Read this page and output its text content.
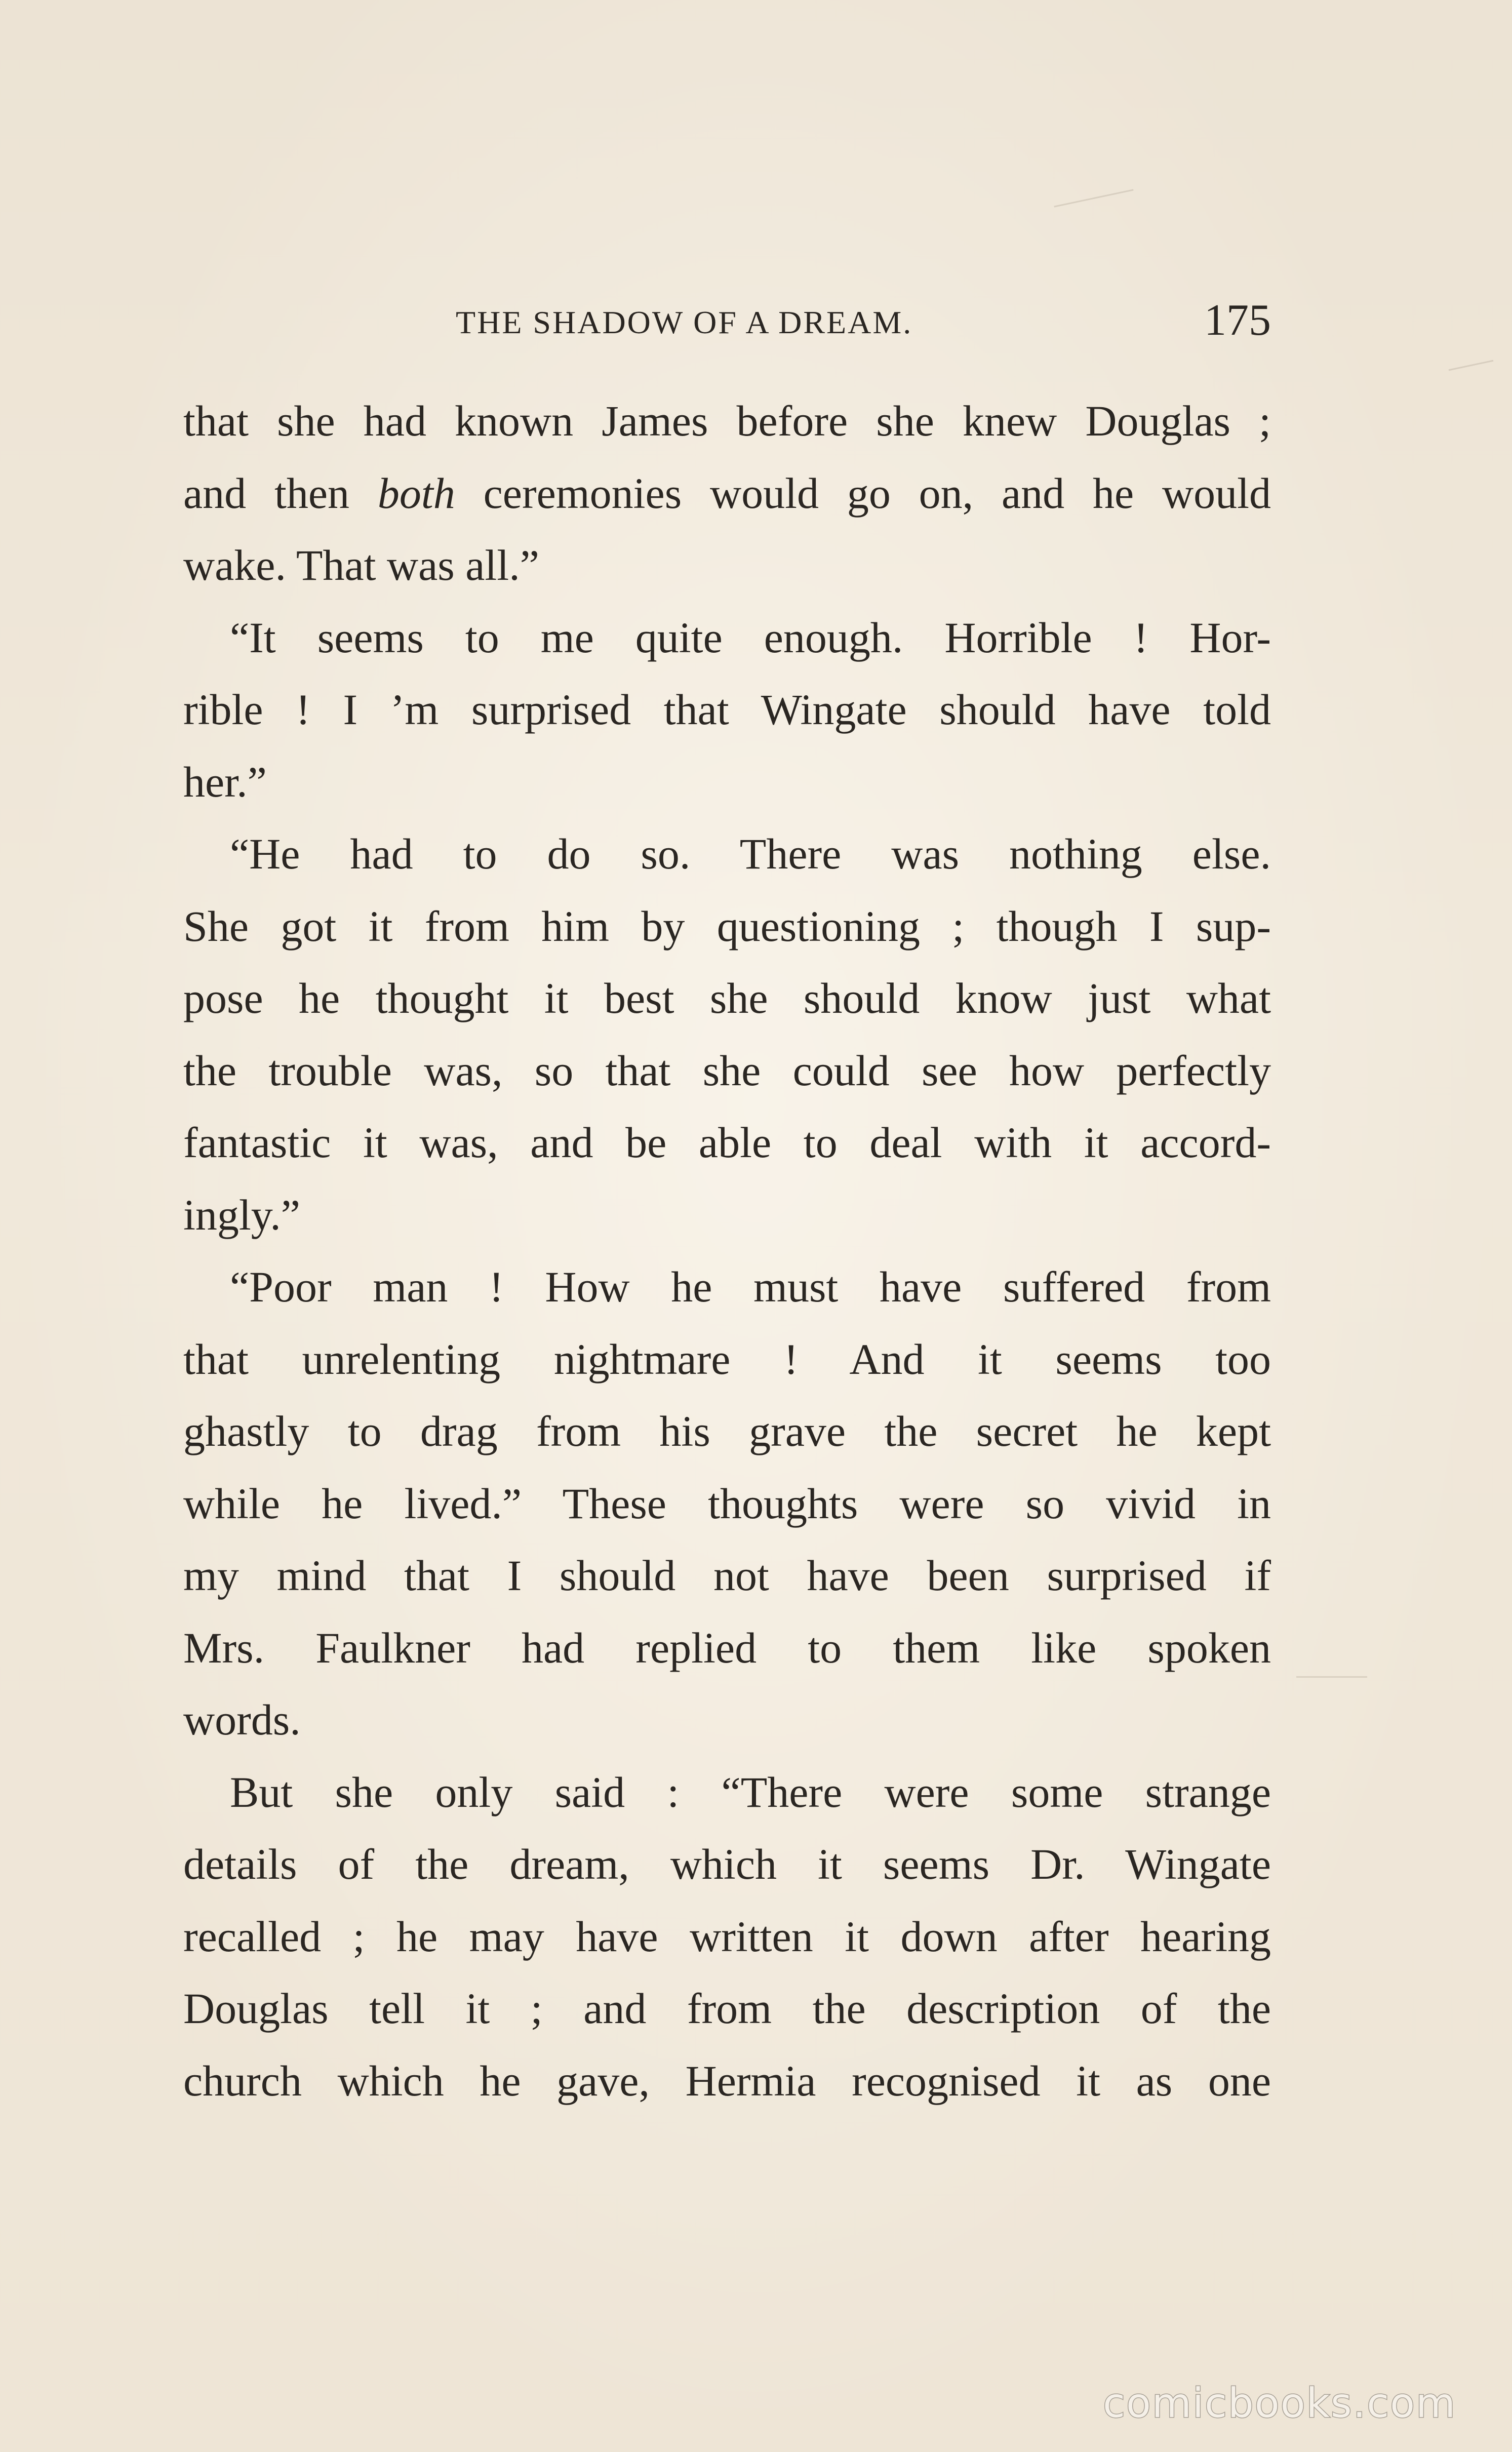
THE SHADOW OF A DREAM.	175
that she had known James before she knew Douglas ;
and then both ceremonies would go on, and he would
wake. That was all.”
“It seems to me quite enough. Horrible ! Hor-
rible ! I ’m surprised that Wingate should have told
her.”
“He had to do so. There was nothing else.
She got it from him by questioning ; though I sup-
pose he thought it best she should know just what
the trouble was, so that she could see how perfectly
fantastic it was, and be able to deal with it accord-
ingly.”
“Poor man ! How he must have suffered from
that unrelenting nightmare ! And it seems too
ghastly to drag from his grave the secret he kept
while he lived.” These thoughts were so vivid in
my mind that I should not have been surprised if
Mrs. Faulkner had replied to them like spoken
words.
But she only said : “There were some strange
details of the dream, which it seems Dr. Wingate
recalled ; he may have written it down after hearing
Douglas tell it ; and from the description of the
church which he gave, Hermia recognised it as one
comicbooks.com
